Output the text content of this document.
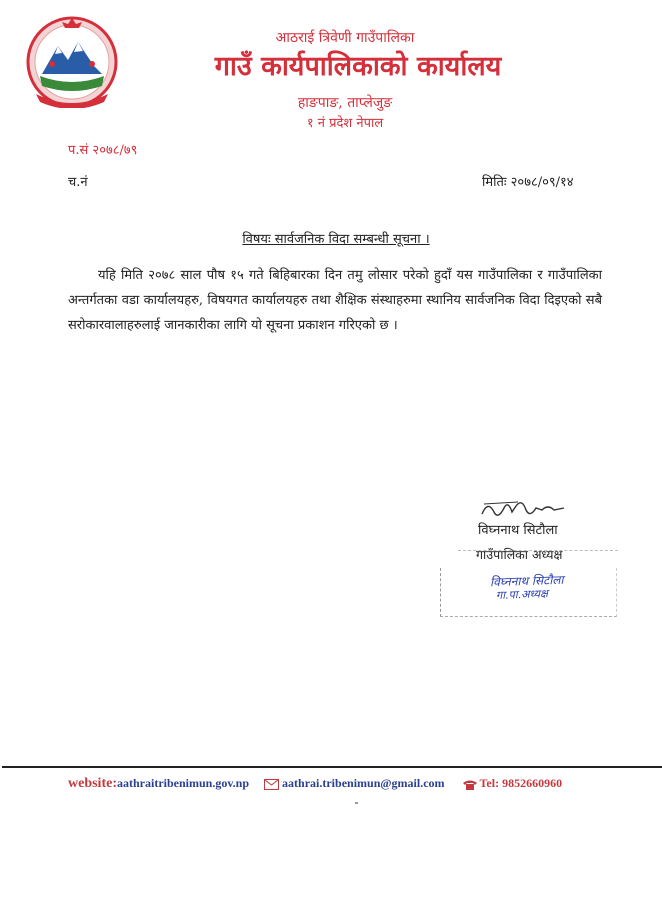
आठराई त्रिवेणी गाउँपालिका
गाउँ कार्यपालिकाको कार्यालय
हाङपाङ, ताप्लेजुङ
१ नं प्रदेश नेपाल
प.सं २०७८/७९
च.नं	मितिः २०७८/०९/१४
विषयः सार्वजनिक विदा सम्बन्धी सूचना ।
यहि मिति २०७८ साल पौष १५ गते बिहिबारका दिन तमु लोसार परेको हुदाँ यस गाउँपालिका र गाउँपालिका अन्तर्गतका वडा कार्यालयहरु, विषयगत कार्यालयहरु तथा शैक्षिक संस्थाहरुमा स्थानिय सार्वजनिक विदा दिइएको सबै सरोकारवालाहरुलाई जानकारीका लागि यो सूचना प्रकाशन गरिएको छ ।
विघ्ननाथ सिटौला
गाउँपालिका अध्यक्ष
विघ्ननाथ सिटौला
गा.पा.अध्यक्ष
website:aathraitribenimun.gov.np	aathrai.tribenimun@gmail.com	Tel: 9852660960
